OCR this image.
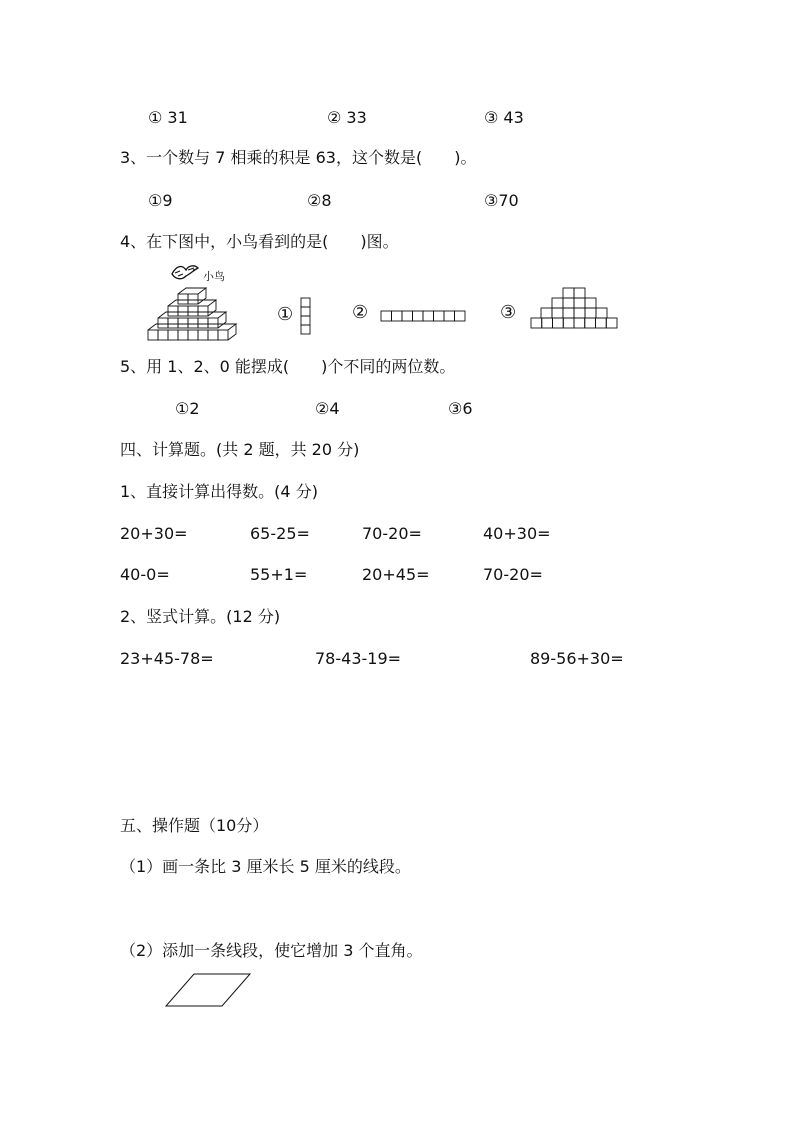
① 31	② 33	③ 43
3、一个数与 7 相乘的积是 63，这个数是(　　)。
①9	②8	③70
4、在下图中，小鸟看到的是(　　)图。
小鸟
①	②	③
5、用 1、2、0 能摆成(　　)个不同的两位数。
①2	②4	③6
四、计算题。(共 2 题，共 20 分)
1、直接计算出得数。(4 分)
20+30=	65-25=	70-20=	40+30=
40-0=	55+1=	20+45=	70-20=
2、竖式计算。(12 分)
23+45-78=	78-43-19=	89-56+30=
五、操作题（10分）
（1）画一条比 3 厘米长 5 厘米的线段。
（2）添加一条线段，使它增加 3 个直角。
